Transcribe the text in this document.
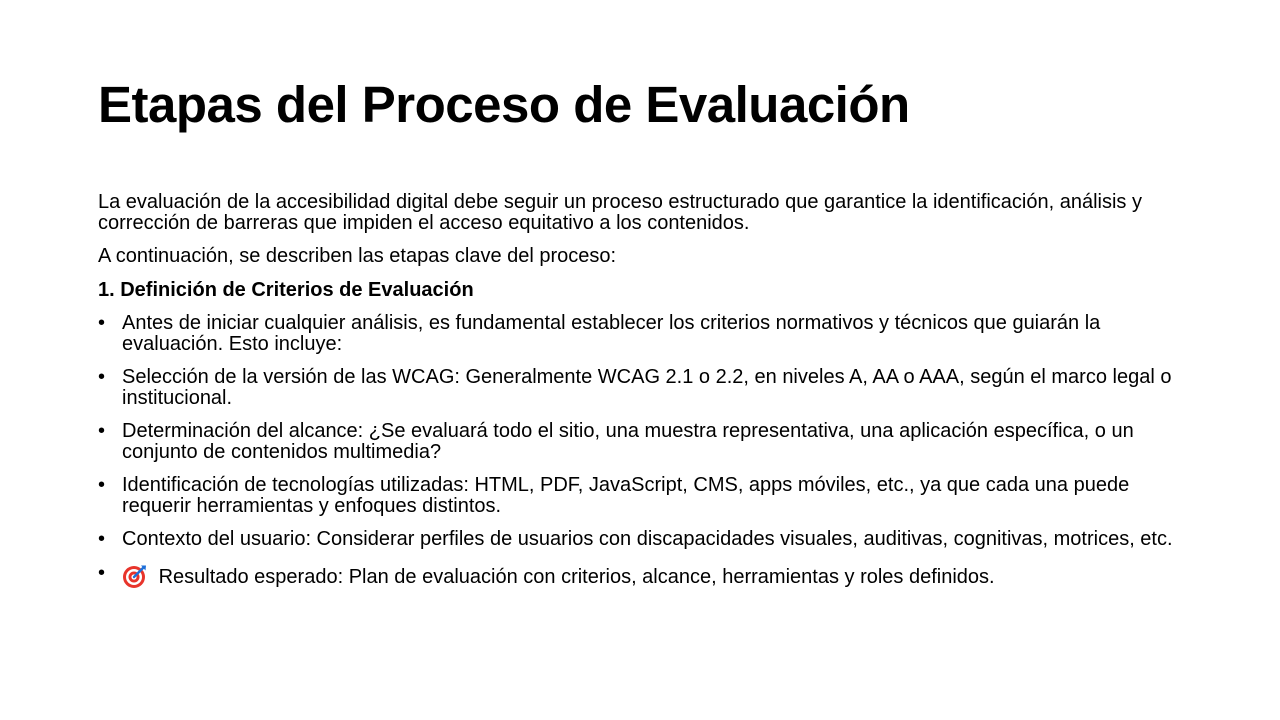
Etapas del Proceso de Evaluación

La evaluación de la accesibilidad digital debe seguir un proceso estructurado que garantice la identificación, análisis y corrección de barreras que impiden el acceso equitativo a los contenidos.

A continuación, se describen las etapas clave del proceso:

1. Definición de Criterios de Evaluación

• Antes de iniciar cualquier análisis, es fundamental establecer los criterios normativos y técnicos que guiarán la evaluación. Esto incluye:
• Selección de la versión de las WCAG: Generalmente WCAG 2.1 o 2.2, en niveles A, AA o AAA, según el marco legal o institucional.
• Determinación del alcance: ¿Se evaluará todo el sitio, una muestra representativa, una aplicación específica, o un conjunto de contenidos multimedia?
• Identificación de tecnologías utilizadas: HTML, PDF, JavaScript, CMS, apps móviles, etc., ya que cada una puede requerir herramientas y enfoques distintos.
• Contexto del usuario: Considerar perfiles de usuarios con discapacidades visuales, auditivas, cognitivas, motrices, etc.
•	Resultado esperado: Plan de evaluación con criterios, alcance, herramientas y roles definidos.
